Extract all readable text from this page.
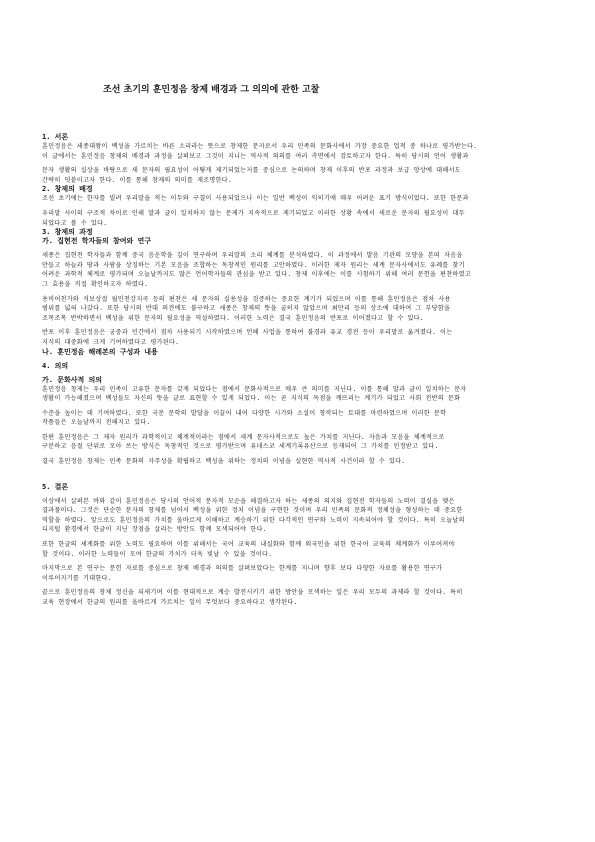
조선 초기의 훈민정음 창제 배경과 그 의의에 관한 고찰
1. 서론
훈민정음은 세종대왕이 백성을 가르치는 바른 소리라는 뜻으로 창제한 문자로서 우리 민족의 문화사에서 가장 중요한 업적 중 하나로 평가받는다.
이 글에서는 훈민정음 창제의 배경과 과정을 살펴보고 그것이 지니는 역사적 의의를 여러 측면에서 검토하고자 한다. 특히 당시의 언어 생활과
문자 생활의 실상을 바탕으로 새 문자의 필요성이 어떻게 제기되었는지를 중심으로 논의하며 창제 이후의 반포 과정과 보급 양상에 대해서도
간략히 덧붙이고자 한다. 이를 통해 창제의 의미를 재조명한다.
2. 창제의 배경
조선 초기에는 한자를 빌려 우리말을 적는 이두와 구결이 사용되었으나 이는 일반 백성이 익히기에 매우 어려운 표기 방식이었다. 또한 한문과
우리말 사이의 구조적 차이로 인해 말과 글이 일치하지 않는 문제가 지속적으로 제기되었고 이러한 상황 속에서 새로운 문자의 필요성이 대두
되었다고 볼 수 있다.
3. 창제의 과정
가. 집현전 학자들의 참여와 연구
세종은 집현전 학자들과 함께 중국 음운학을 깊이 연구하며 우리말의 소리 체계를 분석하였다. 이 과정에서 발음 기관의 모양을 본떠 자음을
만들고 하늘과 땅과 사람을 상징하는 기본 모음을 조합하는 독창적인 원리를 고안하였다. 이러한 제자 원리는 세계 문자사에서도 유례를 찾기
어려운 과학적 체계로 평가되며 오늘날까지도 많은 언어학자들의 관심을 받고 있다. 창제 이후에는 이를 시험하기 위해 여러 문헌을 편찬하였고
그 효용을 직접 확인하고자 하였다.
용비어천가와 석보상절 월인천강지곡 등의 편찬은 새 문자의 실용성을 검증하는 중요한 계기가 되었으며 이를 통해 훈민정음은 점차 사용
범위를 넓혀 나갔다. 또한 당시의 반대 의견에도 불구하고 세종은 창제의 뜻을 굽히지 않았으며 최만리 등의 상소에 대하여 그 부당함을
조목조목 반박하면서 백성을 위한 문자의 필요성을 역설하였다. 이러한 노력은 결국 훈민정음의 반포로 이어졌다고 할 수 있다.
반포 이후 훈민정음은 궁중과 민간에서 점차 사용되기 시작하였으며 언해 사업을 통하여 불경과 유교 경전 등이 우리말로 옮겨졌다. 이는
지식의 대중화에 크게 기여하였다고 평가된다.
나. 훈민정음 해례본의 구성과 내용
4. 의의
가. 문화사적 의의
훈민정음 창제는 우리 민족이 고유한 문자를 갖게 되었다는 점에서 문화사적으로 매우 큰 의미를 지닌다. 이를 통해 말과 글이 일치하는 문자
생활이 가능해졌으며 백성들도 자신의 뜻을 글로 표현할 수 있게 되었다. 이는 곧 지식의 독점을 깨뜨리는 계기가 되었고 사회 전반의 문화
수준을 높이는 데 기여하였다. 또한 국문 문학의 발달을 이끌어 내어 다양한 시가와 소설이 창작되는 토대를 마련하였으며 이러한 문학
작품들은 오늘날까지 전해지고 있다.
한편 훈민정음은 그 제자 원리가 과학적이고 체계적이라는 점에서 세계 문자사적으로도 높은 가치를 지닌다. 자음과 모음을 체계적으로
구분하고 음절 단위로 모아 쓰는 방식은 독창적인 것으로 평가받으며 유네스코 세계기록유산으로 등재되어 그 가치를 인정받고 있다.
결국 훈민정음 창제는 민족 문화의 자주성을 확립하고 백성을 위하는 정치의 이념을 실현한 역사적 사건이라 할 수 있다.
5. 결론
이상에서 살펴본 바와 같이 훈민정음은 당시의 언어적 문자적 모순을 해결하고자 하는 세종의 의지와 집현전 학자들의 노력이 결실을 맺은
결과물이다. 그것은 단순한 문자의 창제를 넘어서 백성을 위한 정치 이념을 구현한 것이며 우리 민족의 문화적 정체성을 형성하는 데 중요한
역할을 하였다. 앞으로도 훈민정음의 가치를 올바르게 이해하고 계승하기 위한 다각적인 연구와 노력이 지속되어야 할 것이다. 특히 오늘날의
디지털 환경에서 한글이 지닌 장점을 살리는 방안도 함께 모색되어야 한다.
또한 한글의 세계화를 위한 노력도 필요하며 이를 위해서는 국어 교육의 내실화와 함께 외국인을 위한 한국어 교육의 체계화가 이루어져야
할 것이다. 이러한 노력들이 모여 한글의 가치가 더욱 빛날 수 있을 것이다.
마지막으로 본 연구는 문헌 자료를 중심으로 창제 배경과 의의를 살펴보았다는 한계를 지니며 향후 보다 다양한 자료를 활용한 연구가
이루어지기를 기대한다.
끝으로 훈민정음의 창제 정신을 되새기며 이를 현대적으로 계승 발전시키기 위한 방안을 모색하는 일은 우리 모두의 과제라 할 것이다. 특히
교육 현장에서 한글의 원리를 올바르게 가르치는 일이 무엇보다 중요하다고 생각된다.
